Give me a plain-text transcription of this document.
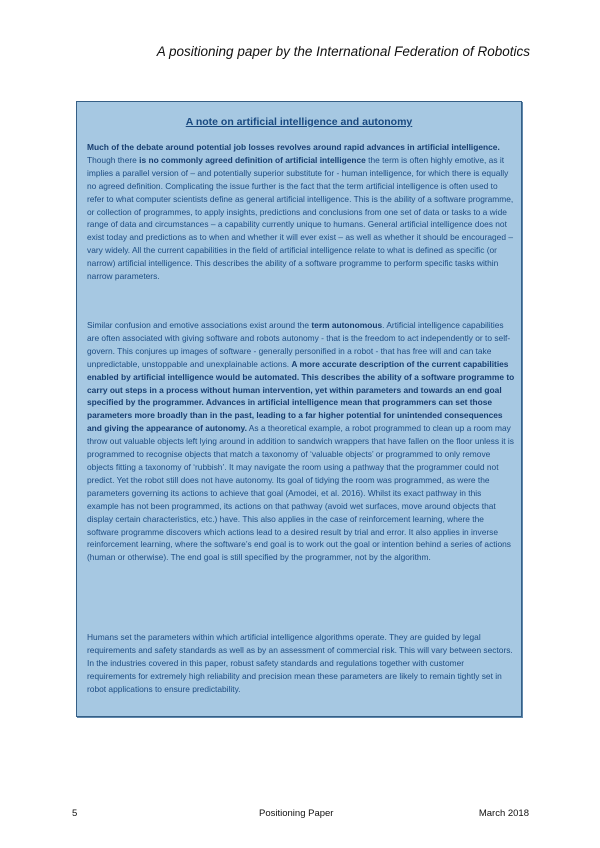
A positioning paper by the International Federation of Robotics
A note on artificial intelligence and autonomy

Much of the debate around potential job losses revolves around rapid advances in artificial intelligence. Though there is no commonly agreed definition of artificial intelligence the term is often highly emotive, as it implies a parallel version of – and potentially superior substitute for - human intelligence, for which there is equally no agreed definition. Complicating the issue further is the fact that the term artificial intelligence is often used to refer to what computer scientists define as general artificial intelligence. This is the ability of a software programme, or collection of programmes, to apply insights, predictions and conclusions from one set of data or tasks to a wide range of data and circumstances – a capability currently unique to humans. General artificial intelligence does not exist today and predictions as to when and whether it will ever exist – as well as whether it should be encouraged – vary widely. All the current capabilities in the field of artificial intelligence relate to what is defined as specific (or narrow) artificial intelligence. This describes the ability of a software programme to perform specific tasks within narrow parameters.

Similar confusion and emotive associations exist around the term autonomous. Artificial intelligence capabilities are often associated with giving software and robots autonomy - that is the freedom to act independently or to self-govern. This conjures up images of software - generally personified in a robot - that has free will and can take unpredictable, unstoppable and unexplainable actions. A more accurate description of the current capabilities enabled by artificial intelligence would be automated. This describes the ability of a software programme to carry out steps in a process without human intervention, yet within parameters and towards an end goal specified by the programmer. Advances in artificial intelligence mean that programmers can set those parameters more broadly than in the past, leading to a far higher potential for unintended consequences and giving the appearance of autonomy. As a theoretical example, a robot programmed to clean up a room may throw out valuable objects left lying around in addition to sandwich wrappers that have fallen on the floor unless it is programmed to recognise objects that match a taxonomy of ‘valuable objects’ or programmed to only remove objects fitting a taxonomy of ‘rubbish’. It may navigate the room using a pathway that the programmer could not predict. Yet the robot still does not have autonomy. Its goal of tidying the room was programmed, as were the parameters governing its actions to achieve that goal (Amodei, et al. 2016). Whilst its exact pathway in this example has not been programmed, its actions on that pathway (avoid wet surfaces, move around objects that display certain characteristics, etc.) have. This also applies in the case of reinforcement learning, where the software programme discovers which actions lead to a desired result by trial and error. It also applies in inverse reinforcement learning, where the software’s end goal is to work out the goal or intention behind a series of actions (human or otherwise). The end goal is still specified by the programmer, not by the algorithm.

Humans set the parameters within which artificial intelligence algorithms operate. They are guided by legal requirements and safety standards as well as by an assessment of commercial risk. This will vary between sectors. In the industries covered in this paper, robust safety standards and regulations together with customer requirements for extremely high reliability and precision mean these parameters are likely to remain tightly set in robot applications to ensure predictability.

5	Positioning Paper	March 2018
